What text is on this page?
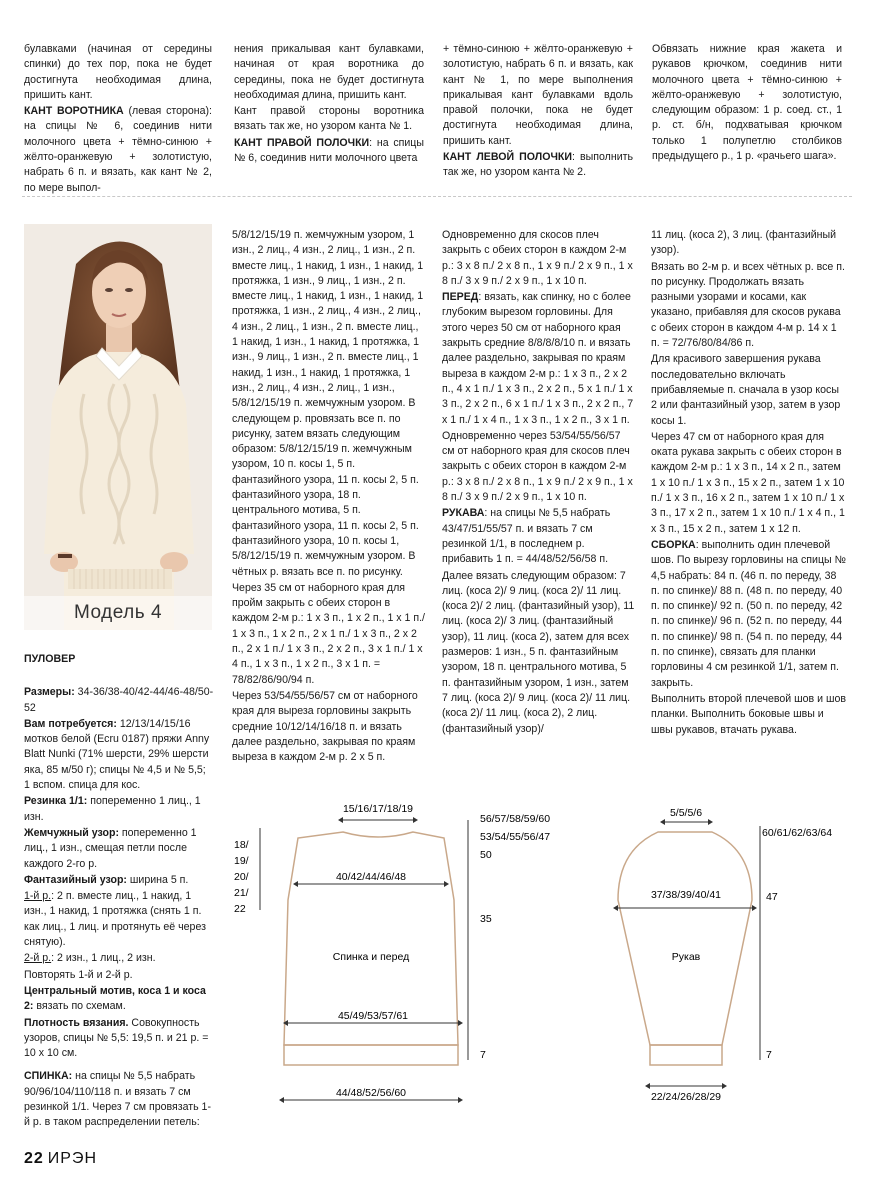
булавками (начиная от середины спинки) до тех пор, пока не будет достигнута необходимая длина, пришить кант.

КАНТ ВОРОТНИКА (левая сторона): на спицы № 6, соединив нити молочного цвета + тёмно-синюю + жёлто-оранжевую + золотистую, набрать 6 п. и вязать, как кант № 2, по мере выпол-

нения прикалывая кант булавками, начиная от края воротника до середины, пока не будет достигнута необходимая длина, пришить кант.

Кант правой стороны воротника вязать так же, но узором канта № 1.

КАНТ ПРАВОЙ ПОЛОЧКИ: на спицы № 6, соединив нити молочного цвета

+ тёмно-синюю + жёлто-оранжевую + золотистую, набрать 6 п. и вязать, как кант № 1, по мере выполнения прикалывая кант булавками вдоль правой полочки, пока не будет достигнута необходимая длина, пришить кант.

КАНТ ЛЕВОЙ ПОЛОЧКИ: выполнить так же, но узором канта № 2.

Обвязать нижние края жакета и рукавов крючком, соединив нити молочного цвета + тёмно-синюю + жёлто-оранжевую + золотистую, следующим образом: 1 р. соед. ст., 1 р. ст. б/н, подхватывая крючком только 1 полупетлю столбиков предыдущего р., 1 р. «рачьего шага».

Модель 4

ПУЛОВЕР

Размеры: 34-36/38-40/42-44/46-48/50-52

Вам потребуется: 12/13/14/15/16 мотков белой (Ecru 0187) пряжи Anny Blatt Nunki (71% шерсти, 29% шерсти яка, 85 м/50 г); спицы № 4,5 и № 5,5; 1 вспом. спица для кос.

Резинка 1/1: попеременно 1 лиц., 1 изн.

Жемчужный узор: попеременно 1 лиц., 1 изн., смещая петли после каждого 2-го р.

Фантазийный узор: ширина 5 п.

1-й р.: 2 п. вместе лиц., 1 накид, 1 изн., 1 накид, 1 протяжка (снять 1 п. как лиц., 1 лиц. и протянуть её через снятую).

2-й р.: 2 изн., 1 лиц., 2 изн.

Повторять 1-й и 2-й р.

Центральный мотив, коса 1 и коса 2: вязать по схемам.

Плотность вязания. Совокупность узоров, спицы № 5,5: 19,5 п. и 21 р. = 10 x 10 см.

СПИНКА: на спицы № 5,5 набрать 90/96/104/110/118 п. и вязать 7 см резинкой 1/1. Через 7 см провязать 1-й р. в таком распределении петель:

5/8/12/15/19 п. жемчужным узором, 1 изн., 2 лиц., 4 изн., 2 лиц., 1 изн., 2 п. вместе лиц., 1 накид, 1 изн., 1 накид, 1 протяжка, 1 изн., 9 лиц., 1 изн., 2 п. вместе лиц., 1 накид, 1 изн., 1 накид, 1 протяжка, 1 изн., 2 лиц., 4 изн., 2 лиц., 4 изн., 2 лиц., 1 изн., 2 п. вместе лиц., 1 накид, 1 изн., 1 накид, 1 протяжка, 1 изн., 9 лиц., 1 изн., 2 п. вместе лиц., 1 накид, 1 изн., 1 накид, 1 протяжка, 1 изн., 2 лиц., 4 изн., 2 лиц., 1 изн., 5/8/12/15/19 п. жемчужным узором. В следующем р. провязать все п. по рисунку, затем вязать следующим образом: 5/8/12/15/19 п. жемчужным узором, 10 п. косы 1, 5 п. фантазийного узора, 11 п. косы 2, 5 п. фантазийного узора, 18 п. центрального мотива, 5 п. фантазийного узора, 11 п. косы 2, 5 п. фантазийного узора, 10 п. косы 1, 5/8/12/15/19 п. жемчужным узором. В чётных р. вязать все п. по рисунку.

Через 35 см от наборного края для пройм закрыть с обеих сторон в каждом 2-м р.: 1 x 3 п., 1 x 2 п., 1 x 1 п./ 1 x 3 п., 1 x 2 п., 2 x 1 п./ 1 x 3 п., 2 x 2 п., 2 x 1 п./ 1 x 3 п., 2 x 2 п., 3 x 1 п./ 1 x 4 п., 1 x 3 п., 1 x 2 п., 3 x 1 п. = 78/82/86/90/94 п.

Через 53/54/55/56/57 см от наборного края для выреза горловины закрыть средние 10/12/14/16/18 п. и вязать далее раздельно, закрывая по краям выреза в каждом 2-м р. 2 x 5 п.

Одновременно для скосов плеч закрыть с обеих сторон в каждом 2-м р.: 3 x 8 п./ 2 x 8 п., 1 x 9 п./ 2 x 9 п., 1 x 8 п./ 3 x 9 п./ 2 x 9 п., 1 x 10 п.

ПЕРЕД: вязать, как спинку, но с более глубоким вырезом горловины. Для этого через 50 см от наборного края закрыть средние 8/8/8/8/10 п. и вязать далее раздельно, закрывая по краям выреза в каждом 2-м р.: 1 x 3 п., 2 x 2 п., 4 x 1 п./ 1 x 3 п., 2 x 2 п., 5 x 1 п./ 1 x 3 п., 2 x 2 п., 6 x 1 п./ 1 x 3 п., 2 x 2 п., 7 x 1 п./ 1 x 4 п., 1 x 3 п., 1 x 2 п., 3 x 1 п.

Одновременно через 53/54/55/56/57 см от наборного края для скосов плеч закрыть с обеих сторон в каждом 2-м р.: 3 x 8 п./ 2 x 8 п., 1 x 9 п./ 2 x 9 п., 1 x 8 п./ 3 x 9 п./ 2 x 9 п., 1 x 10 п.

РУКАВА: на спицы № 5,5 набрать 43/47/51/55/57 п. и вязать 7 см резинкой 1/1, в последнем р. прибавить 1 п. = 44/48/52/56/58 п.

Далее вязать следующим образом: 7 лиц. (коса 2)/ 9 лиц. (коса 2)/ 11 лиц. (коса 2)/ 2 лиц. (фантазийный узор), 11 лиц. (коса 2)/ 3 лиц. (фантазийный узор), 11 лиц. (коса 2), затем для всех размеров: 1 изн., 5 п. фантазийным узором, 18 п. центрального мотива, 5 п. фантазийным узором, 1 изн., затем 7 лиц. (коса 2)/ 9 лиц. (коса 2)/ 11 лиц. (коса 2)/ 11 лиц. (коса 2), 2 лиц. (фантазийный узор)/

11 лиц. (коса 2), 3 лиц. (фантазийный узор).

Вязать во 2-м р. и всех чётных р. все п. по рисунку. Продолжать вязать разными узорами и косами, как указано, прибавляя для скосов рукава с обеих сторон в каждом 4-м р. 14 x 1 п. = 72/76/80/84/86 п.

Для красивого завершения рукава последовательно включать прибавляемые п. сначала в узор косы 2 или фантазийный узор, затем в узор косы 1.

Через 47 см от наборного края для оката рукава закрыть с обеих сторон в каждом 2-м р.: 1 x 3 п., 14 x 2 п., затем 1 x 10 п./ 1 x 3 п., 15 x 2 п., затем 1 x 10 п./ 1 x 3 п., 16 x 2 п., затем 1 x 10 п./ 1 x 3 п., 17 x 2 п., затем 1 x 10 п./ 1 x 4 п., 1 x 3 п., 15 x 2 п., затем 1 x 12 п.

СБОРКА: выполнить один плечевой шов. По вырезу горловины на спицы № 4,5 набрать: 84 п. (46 п. по переду, 38 п. по спинке)/ 88 п. (48 п. по переду, 40 п. по спинке)/ 92 п. (50 п. по переду, 42 п. по спинке)/ 96 п. (52 п. по переду, 44 п. по спинке)/ 98 п. (54 п. по переду, 44 п. по спинке), связать для планки горловины 4 см резинкой 1/1, затем п. закрыть.

Выполнить второй плечевой шов и шов планки. Выполнить боковые швы и швы рукавов, втачать рукава.

15/16/17/18/19
40/42/44/46/48
Спинка и перед
45/49/53/57/61
44/48/52/56/60
56/57/58/59/60
53/54/55/56/47
50
35
7
18/
19/
20/
21/
22
5/5/5/6
60/61/62/63/64
37/38/39/40/41	47
Рукав
7
22/24/26/28/29
22 ИРЭН
